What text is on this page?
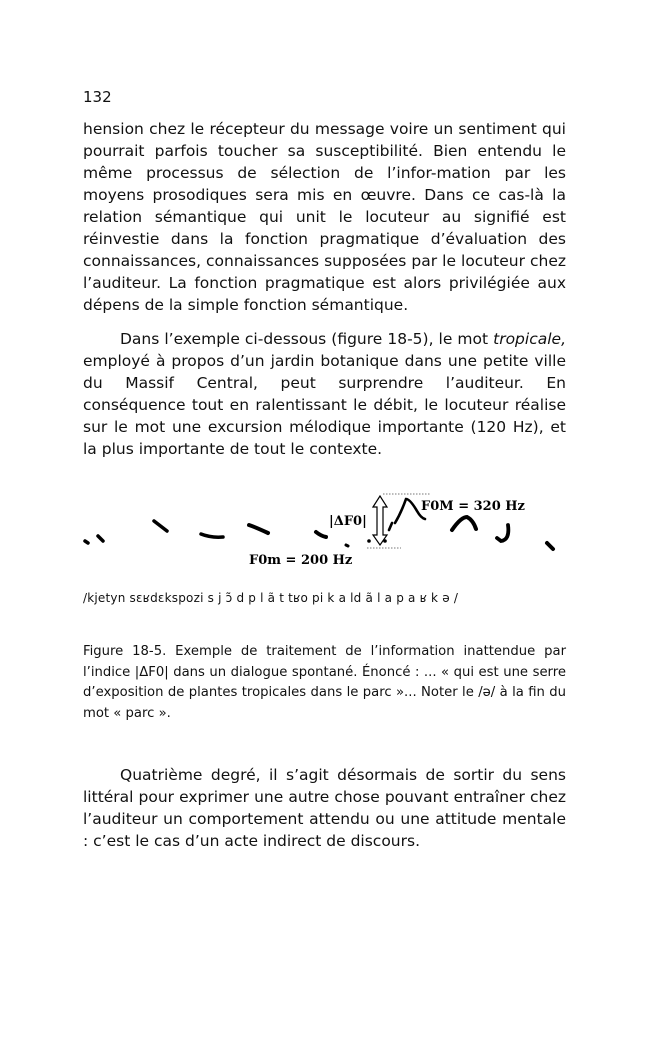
132

hension chez le récepteur du message voire un sentiment qui pourrait parfois toucher sa susceptibilité. Bien entendu le même processus de sélection de l’infor-mation par les moyens prosodiques sera mis en œuvre. Dans ce cas-là la relation sémantique qui unit le locuteur au signifié est réinvestie dans la fonction pragmatique d’évaluation des connaissances, connaissances supposées par le locuteur chez l’auditeur. La fonction pragmatique est alors privilégiée aux dépens de la simple fonction sémantique.

Dans l’exemple ci-dessous (figure 18-5), le mot tropicale, employé à propos d’un jardin botanique dans une petite ville du Massif Central, peut surprendre l’auditeur. En conséquence tout en ralentissant le débit, le locuteur réalise sur le mot une excursion mélodique importante (120 Hz), et la plus importante de tout le contexte.

|ΔF0|
F0M = 320 Hz
F0m = 200 Hz
/kjetyn sɛʁdɛkspozi s j ɔ̃ d p l ã t tʁo pi k a ld ã l a p a ʁ k ə /

Figure 18-5. Exemple de traitement de l’information inattendue par l’indice |ΔF0| dans un dialogue spontané. Énoncé : ... « qui est une serre d’exposition de plantes tropicales dans le parc »... Noter le /ə/ à la fin du mot « parc ».

Quatrième degré, il s’agit désormais de sortir du sens littéral pour exprimer une autre chose pouvant entraîner chez l’auditeur un comportement attendu ou une attitude mentale : c’est le cas d’un acte indirect de discours.
